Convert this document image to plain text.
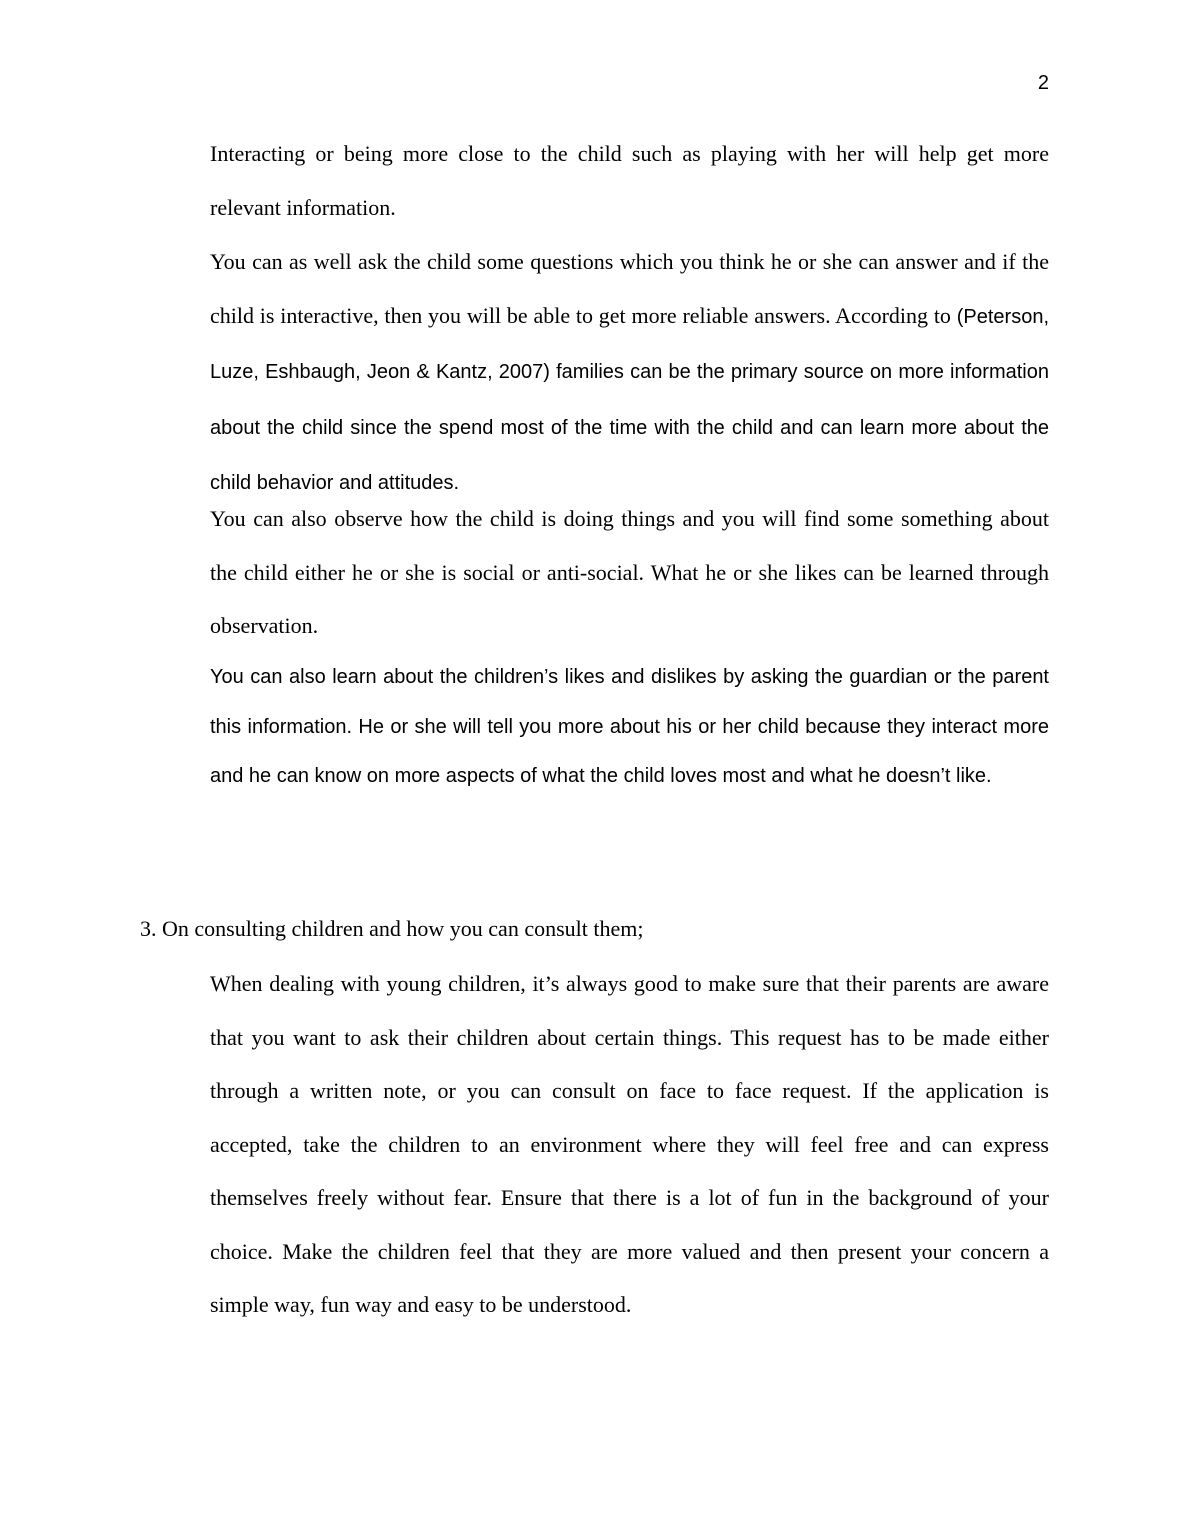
2

Interacting or being more close to the child such as playing with her will help get more relevant information.

You can as well ask the child some questions which you think he or she can answer and if the child is interactive, then you will be able to get more reliable answers. According to (Peterson, Luze, Eshbaugh, Jeon & Kantz, 2007) families can be the primary source on more information about the child since the spend most of the time with the child and can learn more about the child behavior and attitudes.

You can also observe how the child is doing things and you will find some something about the child either he or she is social or anti-social. What he or she likes can be learned through observation.

You can also learn about the children’s likes and dislikes by asking the guardian or the parent this information. He or she will tell you more about his or her child because they interact more and he can know on more aspects of what the child loves most and what he doesn’t like.

3. On consulting children and how you can consult them;

When dealing with young children, it’s always good to make sure that their parents are aware that you want to ask their children about certain things. This request has to be made either through a written note, or you can consult on face to face request. If the application is accepted, take the children to an environment where they will feel free and can express themselves freely without fear. Ensure that there is a lot of fun in the background of your choice. Make the children feel that they are more valued and then present your concern a simple way, fun way and easy to be understood.
